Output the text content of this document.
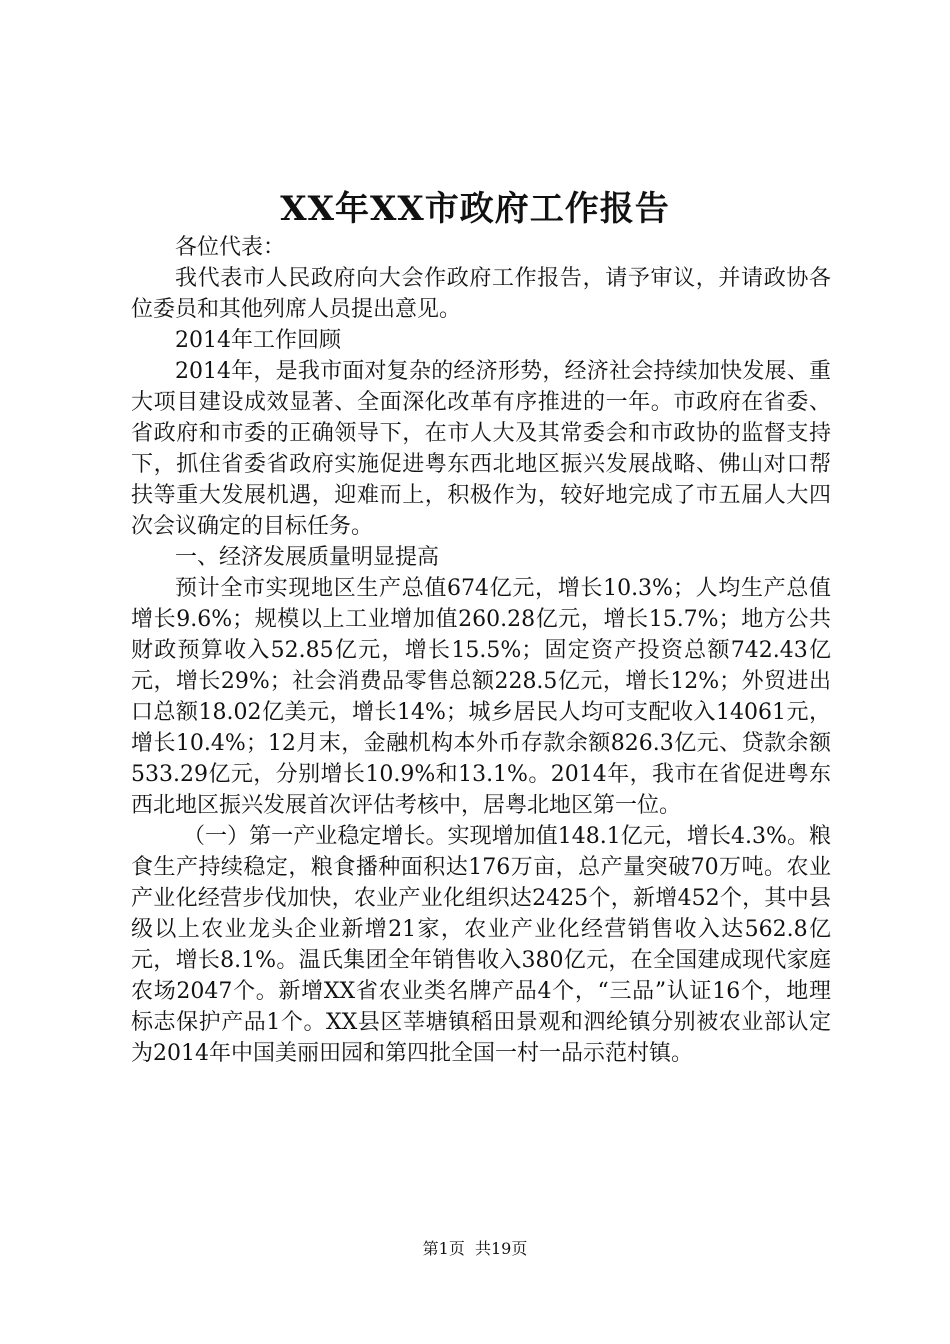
XX年XX市政府工作报告

各位代表：

我代表市人民政府向大会作政府工作报告，请予审议，并请政协各位委员和其他列席人员提出意见。

2014年工作回顾

2014年，是我市面对复杂的经济形势，经济社会持续加快发展、重大项目建设成效显著、全面深化改革有序推进的一年。市政府在省委、省政府和市委的正确领导下，在市人大及其常委会和市政协的监督支持下，抓住省委省政府实施促进粤东西北地区振兴发展战略、佛山对口帮扶等重大发展机遇，迎难而上，积极作为，较好地完成了市五届人大四次会议确定的目标任务。

一、经济发展质量明显提高

预计全市实现地区生产总值674亿元，增长10.3%；人均生产总值增长9.6%；规模以上工业增加值260.28亿元，增长15.7%；地方公共财政预算收入52.85亿元，增长15.5%；固定资产投资总额742.43亿元，增长29%；社会消费品零售总额228.5亿元，增长12%；外贸进出口总额18.02亿美元，增长14%；城乡居民人均可支配收入14061元，增长10.4%；12月末，金融机构本外币存款余额826.3亿元、贷款余额533.29亿元，分别增长10.9%和13.1%。2014年，我市在省促进粤东西北地区振兴发展首次评估考核中，居粤北地区第一位。

（一）第一产业稳定增长。实现增加值148.1亿元，增长4.3%。粮食生产持续稳定，粮食播种面积达176万亩，总产量突破70万吨。农业产业化经营步伐加快，农业产业化组织达2425个，新增452个，其中县级以上农业龙头企业新增21家，农业产业化经营销售收入达562.8亿元，增长8.1%。温氏集团全年销售收入380亿元，在全国建成现代家庭农场2047个。新增XX省农业类名牌产品4个，“三品”认证16个，地理标志保护产品1个。XX县区莘塘镇稻田景观和泗纶镇分别被农业部认定为2014年中国美丽田园和第四批全国一村一品示范村镇。

第1页  共19页
